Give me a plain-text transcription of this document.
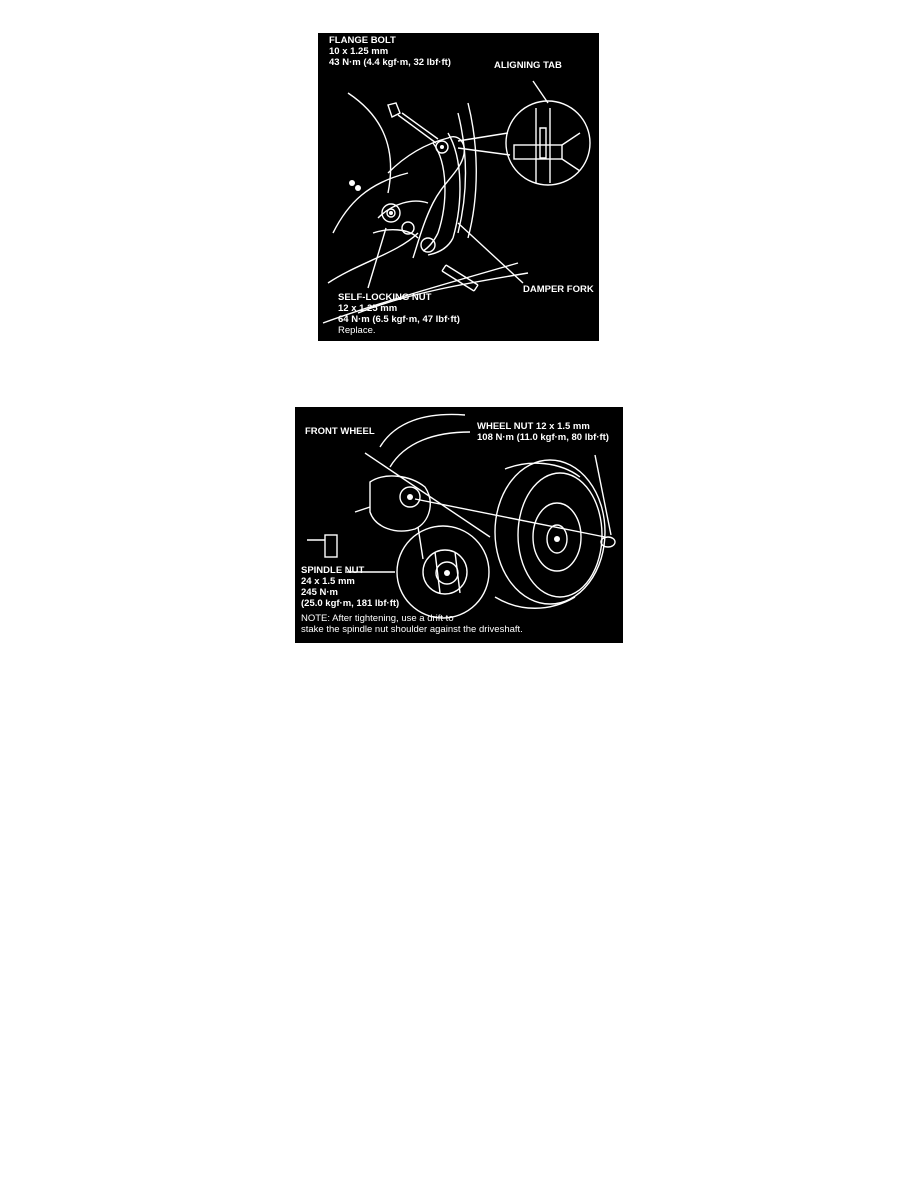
FLANGE BOLT
10 x 1.25 mm
43 N·m (4.4 kgf·m, 32 lbf·ft)	ALIGNING TAB
DAMPER FORK
SELF-LOCKING NUT
12 x 1.25 mm
64 N·m (6.5 kgf·m, 47 lbf·ft)
Replace.
FRONT WHEEL	WHEEL NUT 12 x 1.5 mm
108 N·m (11.0 kgf·m, 80 lbf·ft)
SPINDLE NUT
24 x 1.5 mm
245 N·m
(25.0 kgf·m, 181 lbf·ft)
NOTE: After tightening, use a drift to
stake the spindle nut shoulder against the driveshaft.
